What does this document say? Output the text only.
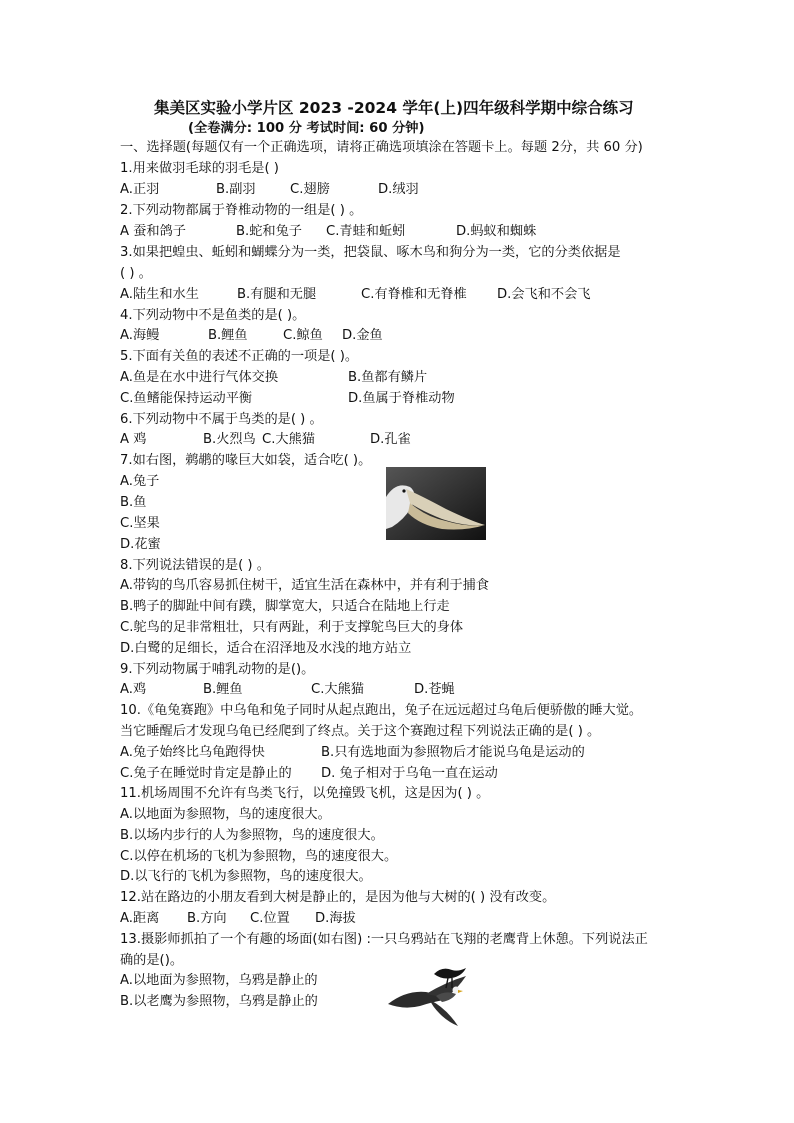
集美区实验小学片区 2023 -2024 学年(上)四年级科学期中综合练习
(全卷满分: 100 分 考试时间: 60 分钟)
一、选择题(每题仅有一个正确选项，请将正确选项填涂在答题卡上。每题 2分，共 60 分)
1.用来做羽毛球的羽毛是( )
A.正羽	B.副羽	C.翅膀	D.绒羽
2.下列动物都属于脊椎动物的一组是( ) 。
A 蚕和鸽子	B.蛇和兔子 C.青蛙和蚯蚓	D.蚂蚁和蜘蛛
3.如果把蝗虫、蚯蚓和蝴蝶分为一类，把袋鼠、啄木鸟和狗分为一类，它的分类依据是
( ) 。
A.陆生和水生	B.有腿和无腿	C.有脊椎和无脊椎 D.会飞和不会飞
4.下列动物中不是鱼类的是( )。
A.海鳗	B.鲤鱼	C.鲸鱼 D.金鱼
5.下面有关鱼的表述不正确的一项是( )。
A.鱼是在水中进行气体交换	B.鱼都有鳞片
C.鱼鳍能保持运动平衡	D.鱼属于脊椎动物
6.下列动物中不属于鸟类的是( ) 。
A 鸡	B.火烈鸟 C.大熊猫	D.孔雀
7.如右图，鹈鹕的喙巨大如袋，适合吃( )。
A.兔子
B.鱼
C.坚果
D.花蜜
8.下列说法错误的是( ) 。
A.带钩的鸟爪容易抓住树干，适宜生活在森林中，并有利于捕食
B.鸭子的脚趾中间有蹼，脚掌宽大，只适合在陆地上行走
C.鸵鸟的足非常粗壮，只有两趾，利于支撑鸵鸟巨大的身体
D.白鹭的足细长，适合在沼泽地及水浅的地方站立
9.下列动物属于哺乳动物的是()。
A.鸡	B.鲤鱼	C.大熊猫	D.苍蝇
10.《龟兔赛跑》中乌龟和兔子同时从起点跑出，兔子在远远超过乌龟后便骄傲的睡大觉。
当它睡醒后才发现乌龟已经爬到了终点。关于这个赛跑过程下列说法正确的是( ) 。
A.兔子始终比乌龟跑得快	B.只有选地面为参照物后才能说乌龟是运动的
C.兔子在睡觉时肯定是静止的 D. 兔子相对于乌龟一直在运动
11.机场周围不允许有鸟类飞行，以免撞毁飞机，这是因为( ) 。
A.以地面为参照物，鸟的速度很大。
B.以场内步行的人为参照物，鸟的速度很大。
C.以停在机场的飞机为参照物，鸟的速度很大。
D.以飞行的飞机为参照物，鸟的速度很大。
12.站在路边的小朋友看到大树是静止的，是因为他与大树的( ) 没有改变。
A.距离 B.方向 C.位置 D.海拔
13.摄影师抓拍了一个有趣的场面(如右图) :一只乌鸦站在飞翔的老鹰背上休憩。下列说法正
确的是()。
A.以地面为参照物，乌鸦是静止的
B.以老鹰为参照物，乌鸦是静止的
